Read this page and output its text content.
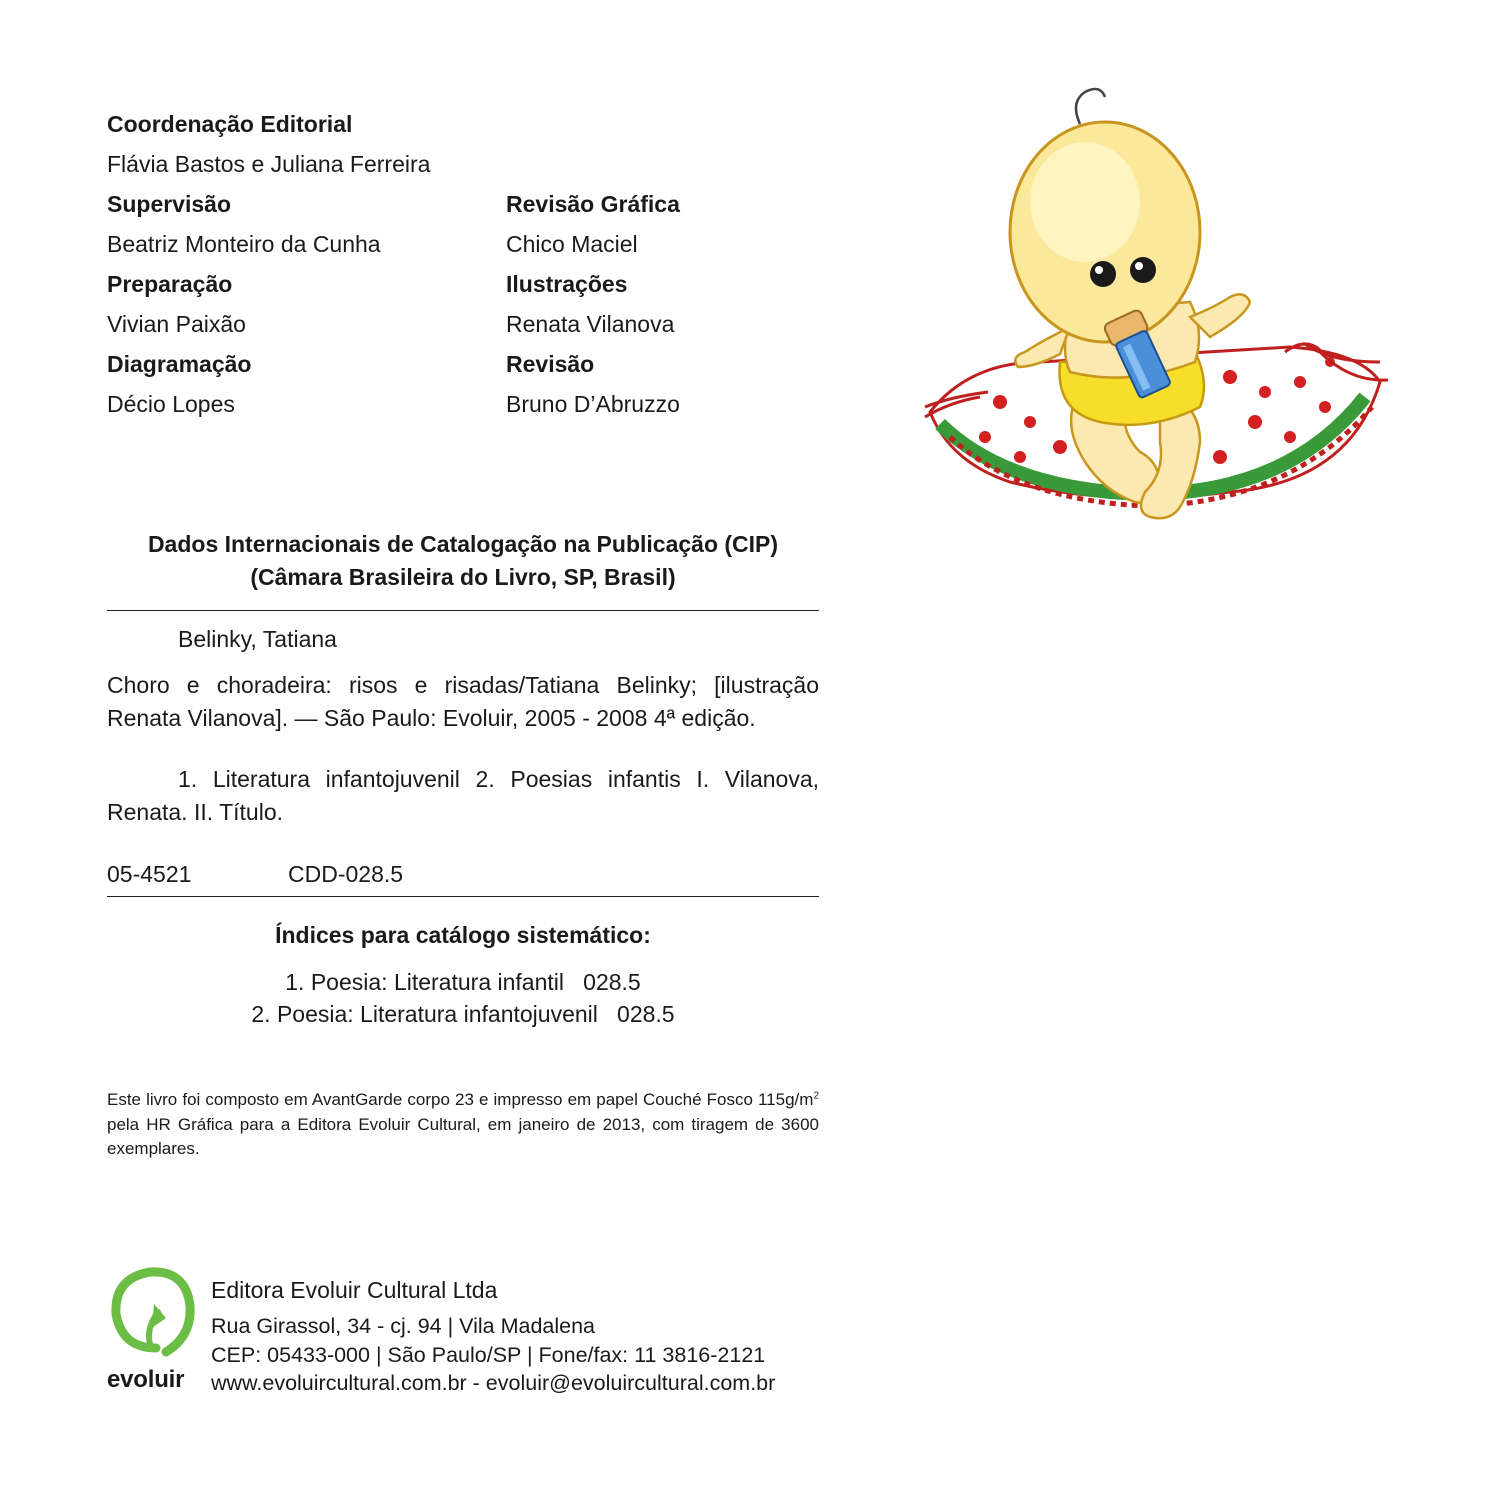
Coordenação Editorial
Flávia Bastos e Juliana Ferreira
Supervisão	Revisão Gráfica
Beatriz Monteiro da Cunha	Chico Maciel
Preparação	Ilustrações
Vivian Paixão	Renata Vilanova
Diagramação	Revisão
Décio Lopes	Bruno D’Abruzzo
Dados Internacionais de Catalogação na Publicação (CIP)
(Câmara Brasileira do Livro, SP, Brasil)
Belinky, Tatiana
Choro e choradeira: risos e risadas/Tatiana Belinky; [ilustração Renata Vilanova]. — São Paulo: Evoluir, 2005 - 2008 4ª edição.
1. Literatura infantojuvenil 2. Poesias infantis I. Vilanova, Renata. II. Título.
05-4521	CDD-028.5
Índices para catálogo sistemático:
1. Poesia: Literatura infantil 028.5
2. Poesia: Literatura infantojuvenil 028.5
Este livro foi composto em AvantGarde corpo 23 e impresso em papel Couché Fosco $115g/m^2$ pela HR Gráfica para a Editora Evoluir Cultural, em janeiro de 2013, com tiragem de 3600 exemplares.
evoluir
Editora Evoluir Cultural Ltda
Rua Girassol, 34 - cj. 94 | Vila Madalena
CEP: 05433-000 | São Paulo/SP | Fone/fax: 11 3816-2121
www.evoluircultural.com.br - evoluir@evoluircultural.com.br
